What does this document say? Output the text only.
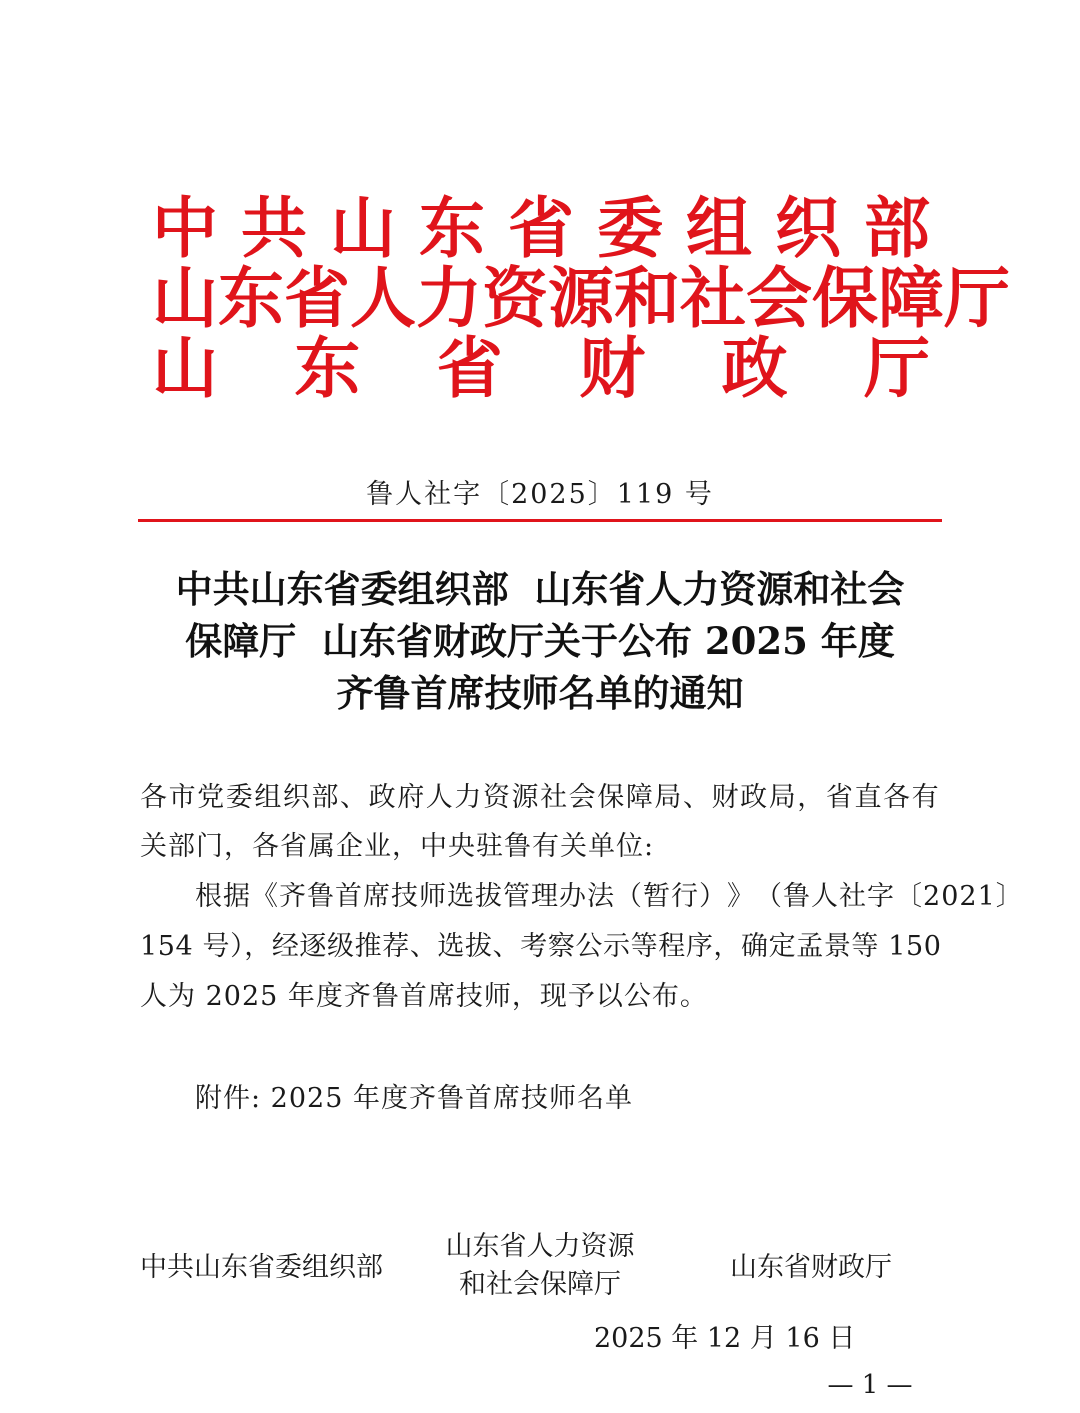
中 共 山 东 省 委 组 织 部
山 东 省 人 力 资 源 和 社 会 保 障 厅
山 东 省 财 政 厅
鲁人社字〔2025〕119 号
中共山东省委组织部  山东省人力资源和社会
保障厅  山东省财政厅关于公布 2025 年度
齐鲁首席技师名单的通知
各 市 党 委 组 织 部 、 政 府 人 力 资 源 社 会 保 障 局 、 财 政 局 ， 省 直 各 有
关部门，各省属企业，中央驻鲁有关单位:
根 据 《 齐 鲁 首 席 技 师 选 拔 管 理 办 法 （ 暂 行 ） 》 （ 鲁 人 社 字 〔 2 0 2 1 〕
154 号），经逐级推荐、选拔、考察公示等程序，确定孟景等 150
人为 2025 年度齐鲁首席技师，现予以公布。
附件: 2025 年度齐鲁首席技师名单
中共山东省委组织部
山东省人力资源
和社会保障厅
山东省财政厅
2025 年 12 月 16 日
— 1 —
